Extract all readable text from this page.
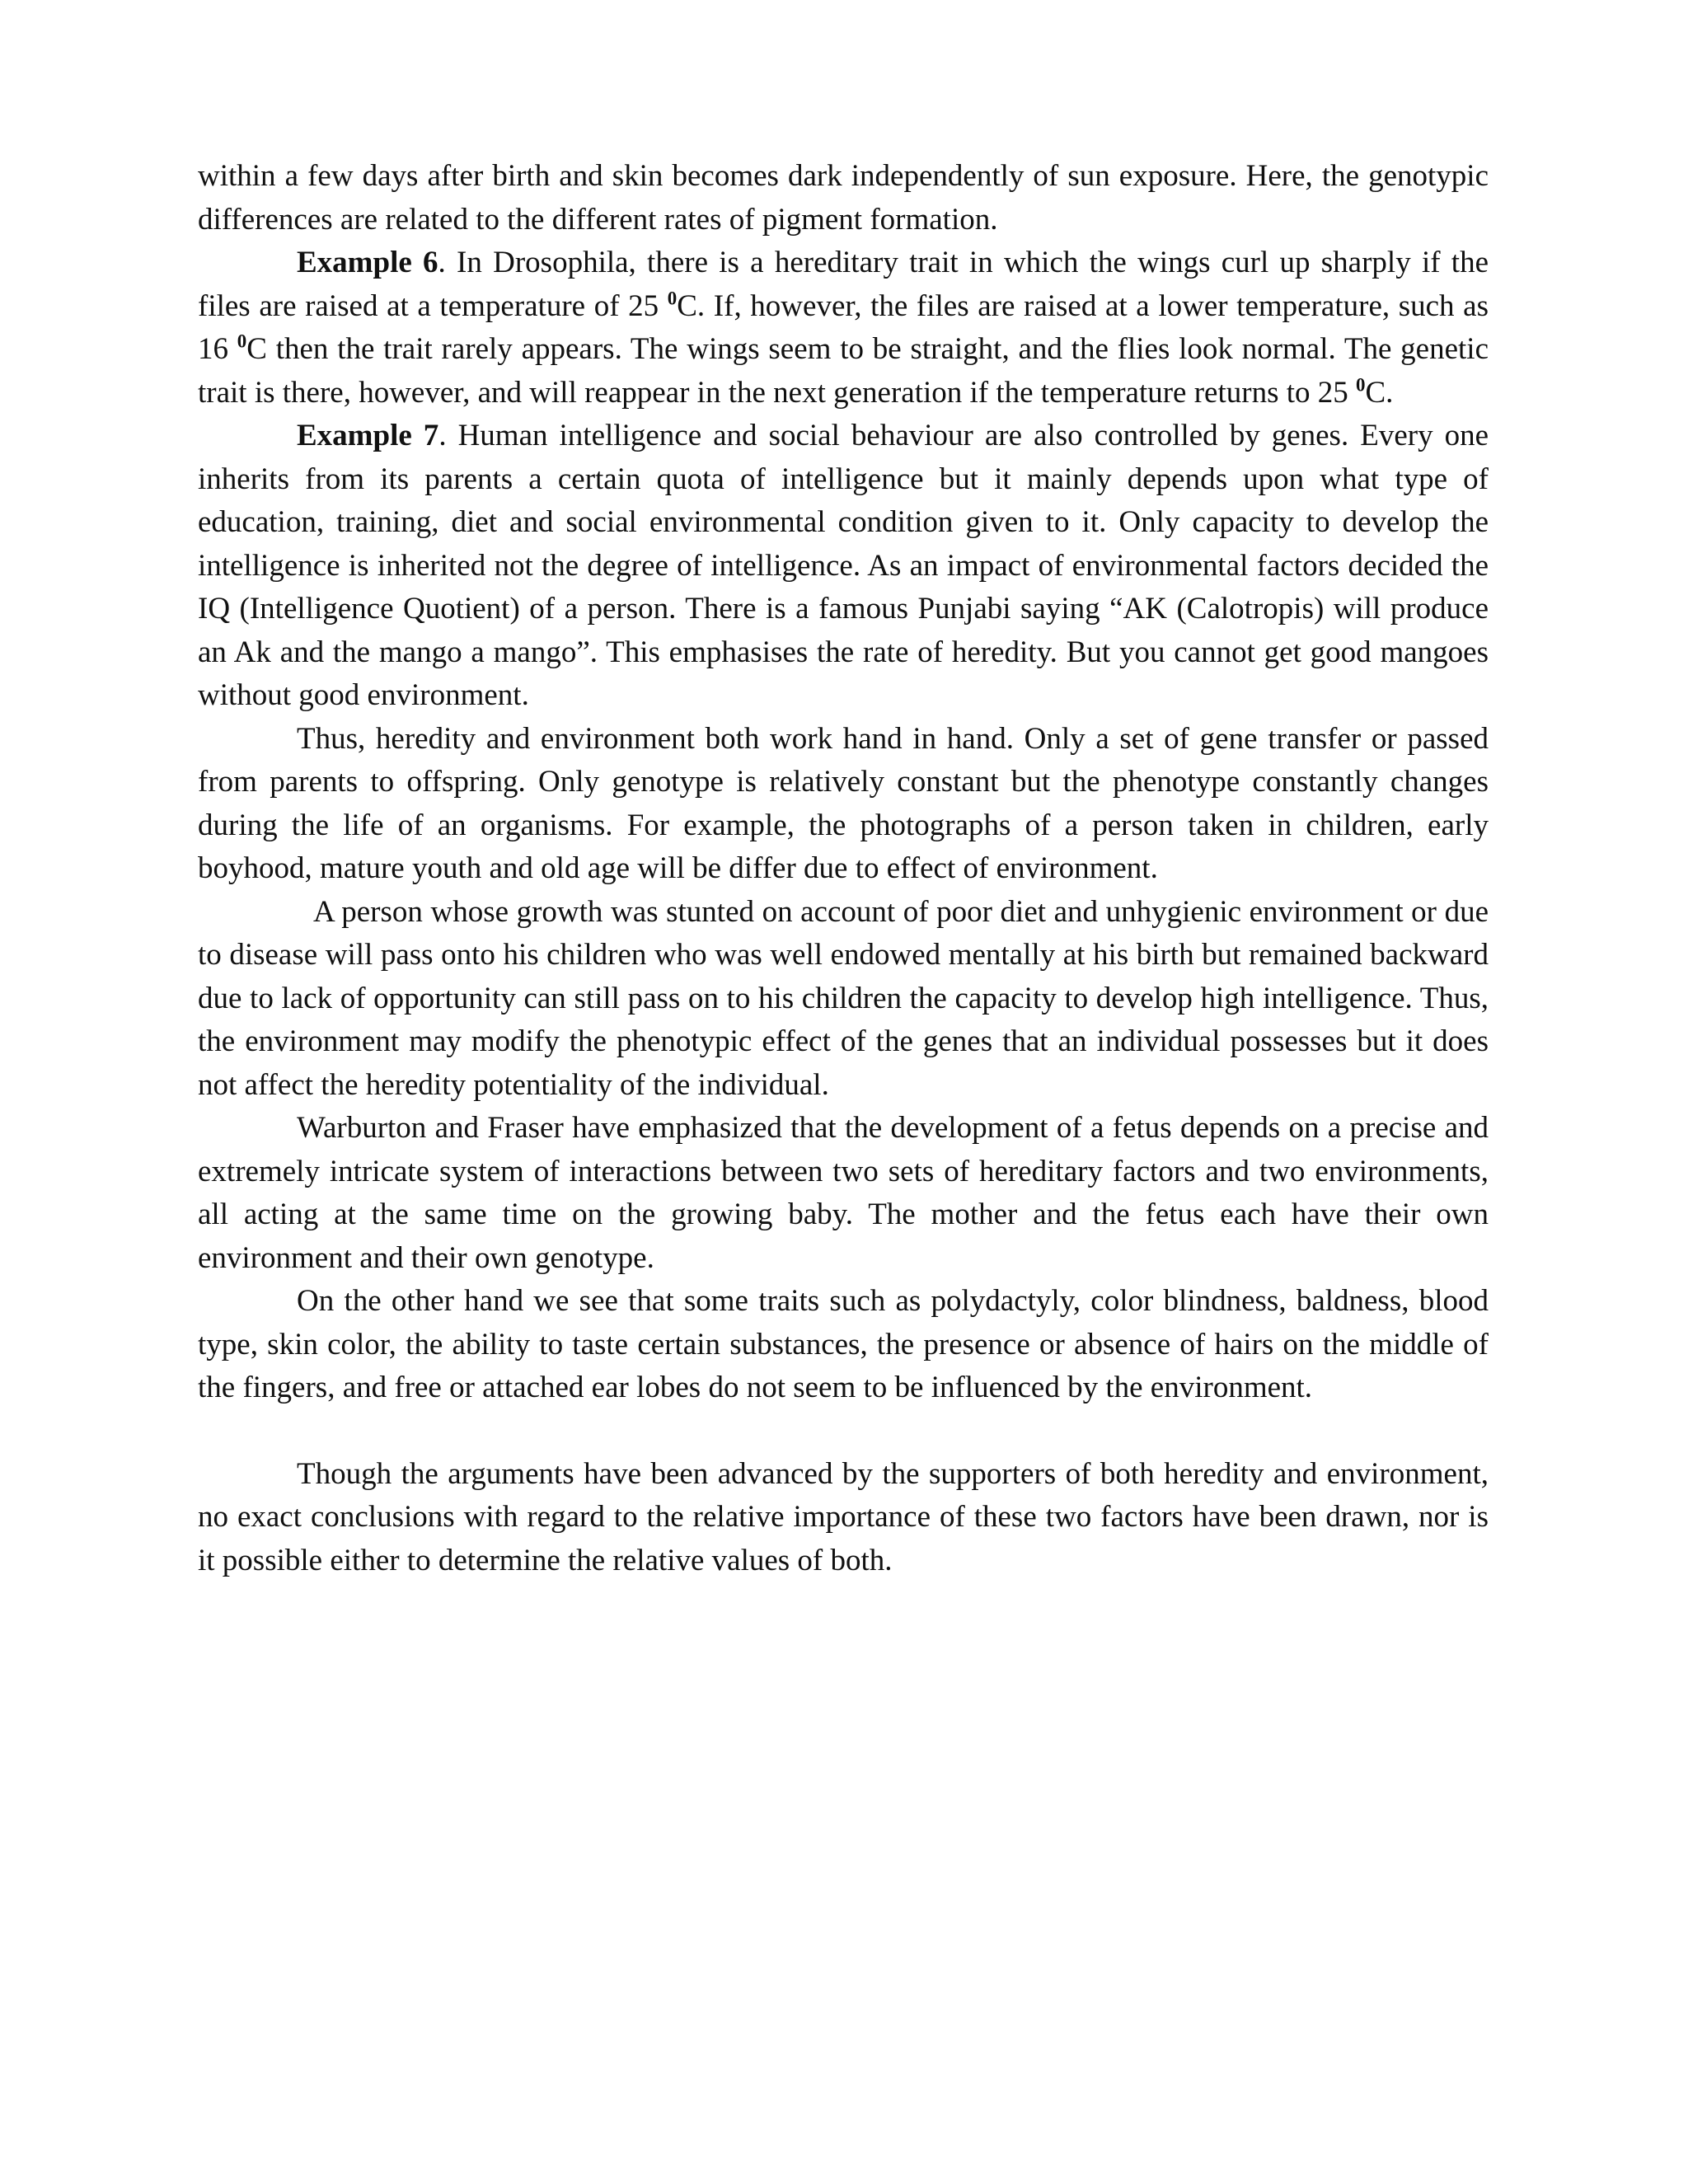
within a few days after birth and skin becomes dark independently of sun exposure. Here, the genotypic differences are related to the different rates of pigment formation.

Example 6. In Drosophila, there is a hereditary trait in which the wings curl up sharply if the files are raised at a temperature of 25 $^0$C. If, however, the files are raised at a lower temperature, such as 16 $^0$C then the trait rarely appears. The wings seem to be straight, and the flies look normal. The genetic trait is there, however, and will reappear in the next generation if the temperature returns to 25 $^0$C.

Example 7. Human intelligence and social behaviour are also controlled by genes. Every one inherits from its parents a certain quota of intelligence but it mainly depends upon what type of education, training, diet and social environmental condition given to it. Only capacity to develop the intelligence is inherited not the degree of intelligence. As an impact of environmental factors decided the IQ (Intelligence Quotient) of a person. There is a famous Punjabi saying “AK (Calotropis) will produce an Ak and the mango a mango”. This emphasises the rate of heredity. But you cannot get good mangoes without good environment.

Thus, heredity and environment both work hand in hand. Only a set of gene transfer or passed from parents to offspring. Only genotype is relatively constant but the phenotype constantly changes during the life of an organisms. For example, the photographs of a person taken in children, early boyhood, mature youth and old age will be differ due to effect of environment.

A person whose growth was stunted on account of poor diet and unhygienic environment or due to disease will pass onto his children who was well endowed mentally at his birth but remained backward due to lack of opportunity can still pass on to his children the capacity to develop high intelligence. Thus, the environment may modify the phenotypic effect of the genes that an individual possesses but it does not affect the heredity potentiality of the individual.

Warburton and Fraser have emphasized that the development of a fetus depends on a precise and extremely intricate system of interactions between two sets of hereditary factors and two environments, all acting at the same time on the growing baby. The mother and the fetus each have their own environment and their own genotype.

On the other hand we see that some traits such as polydactyly, color blindness, baldness, blood type, skin color, the ability to taste certain substances, the presence or absence of hairs on the middle of the fingers, and free or attached ear lobes do not seem to be influenced by the environment.

Though the arguments have been advanced by the supporters of both heredity and environment, no exact conclusions with regard to the relative importance of these two factors have been drawn, nor is it possible either to determine the relative values of both.
